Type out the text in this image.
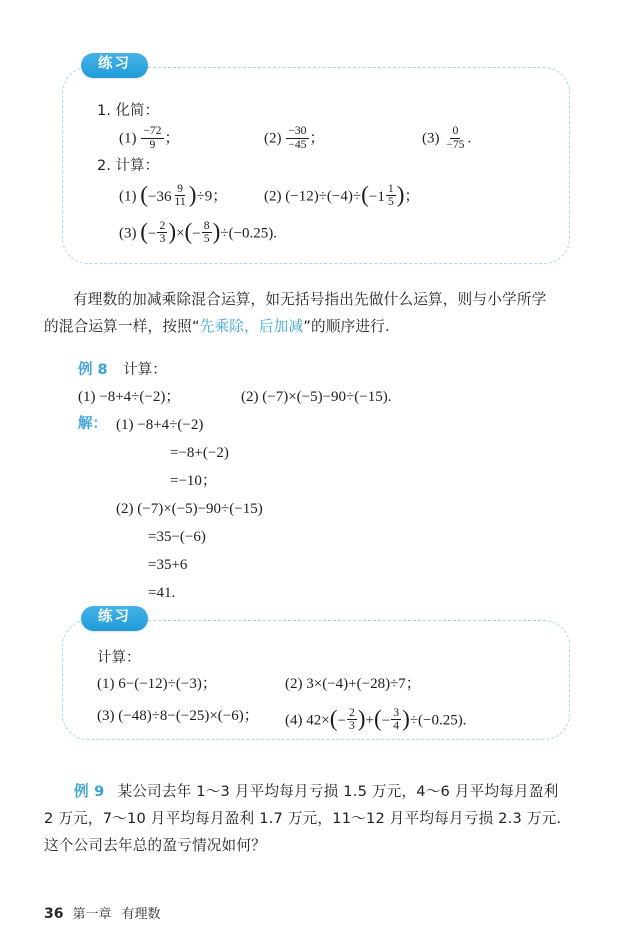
练习
1. 化简：
$(1) \frac{-72}{9}$ ；	$(2) \frac{-30}{-45}$ ；	$(3) \frac{0}{-75}$ .
2. 计算：
(1) ( $-36 \frac{9}{11} )\div 9$； (2) $(-12)\div(-4)\div( -1 \frac{1}{5}$ )；
(3) ( − $\frac{2}{3}$ )×( − $\frac{8}{5} )\div(-0.25)$.
有理数的加减乘除混合运算，如无括号指出先做什么运算，则与小学所学
的混合运算一样，按照“先乘除，后加减”的顺序进行.
例 8 计算：
(1) −8+4÷(−2)；	(2) (−7)×(−5)−90÷(−15).
解： (1) −8+4÷(−2)
=−8+(−2)
=−10；
(2) (−7)×(−5)−90÷(−15)
=35−(−6)
=35+6
=41.
练习
计算：
(1) 6−(−12)÷(−3)；	(2) 3×(−4)+(−28)÷7；
(3) (−48)÷8−(−25)×(−6)； (4) $42\times( - \frac{2}{3}$ )+( − $\frac{3}{4} )\div(-0.25)$.
例 9 某公司去年 1～3 月平均每月亏损 1.5 万元，4～6 月平均每月盈利
2 万元，7～10 月平均每月盈利 1.7 万元，11～12 月平均每月亏损 2.3 万元.
这个公司去年总的盈亏情况如何？
36 第一章 有理数
